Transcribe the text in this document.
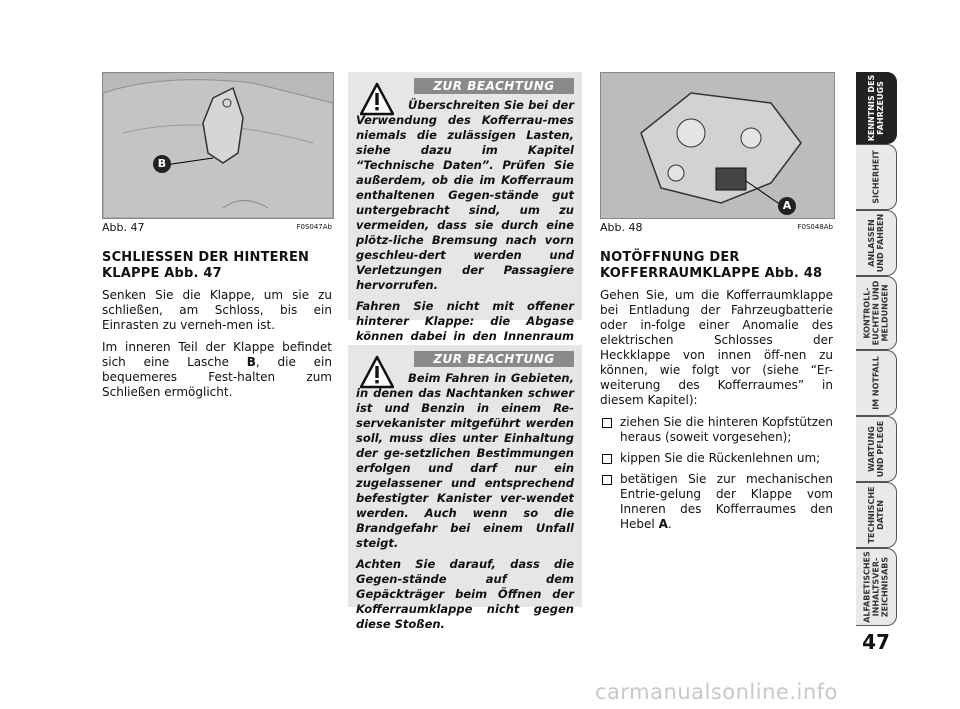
B
Abb. 47	F0S047Ab
SCHLIESSEN DER HINTEREN
KLAPPE Abb. 47

Senken Sie die Klappe, um sie zu schließen, am Schloss, bis ein Einrasten zu verneh-men ist.

Im inneren Teil der Klappe befindet sich eine Lasche B, die ein bequemeres Fest-halten zum Schließen ermöglicht.

ZUR BEACHTUNG

Überschreiten Sie bei der Verwendung des Kofferrau-mes niemals die zulässigen Lasten, siehe dazu im Kapitel “Technische Daten”. Prüfen Sie außerdem, ob die im Kofferraum enthaltenen Gegen-stände gut untergebracht sind, um zu vermeiden, dass sie durch eine plötz-liche Bremsung nach vorn geschleu-dert werden und Verletzungen der Passagiere hervorrufen.

Fahren Sie nicht mit offener hinterer Klappe: die Abgase können dabei in den Innenraum

ZUR BEACHTUNG

Beim Fahren in Gebieten, in denen das Nachtanken schwer ist und Benzin in einem Re-servekanister mitgeführt werden soll, muss dies unter Einhaltung der ge-setzlichen Bestimmungen erfolgen und darf nur ein zugelassener und entsprechend befestigter Kanister ver-wendet werden. Auch wenn so die Brandgefahr bei einem Unfall steigt.

Achten Sie darauf, dass die Gegen-stände auf dem Gepäckträger beim Öffnen der Kofferraumklappe nicht gegen diese Stoßen.

A
Abb. 48	F0S048Ab
NOTÖFFNUNG DER
KOFFERRAUMKLAPPE Abb. 48

Gehen Sie, um die Kofferraumklappe bei Entladung der Fahrzeugbatterie oder in-folge einer Anomalie des elektrischen Schlosses der Heckklappe von innen öff-nen zu können, wie folgt vor (siehe “Er-weiterung des Kofferraumes” in diesem Kapitel):

ziehen Sie die hinteren Kopfstützen heraus (soweit vorgesehen);
kippen Sie die Rückenlehnen um;
betätigen Sie zur mechanischen Entrie-gelung der Klappe vom Inneren des Kofferraumes den Hebel A.
KENNTNIS DES
FAHRZEUGS
SICHERHEIT
ANLASSEN
UND FAHREN
KONTROLL-
EUCHTEN UND
MELDUNGEN
IM NOTFALL
WARTUNG
UND PFLEGE
TECHNISCHE
DATEN
ALFABETISCHES
INHALTSVER-
ZEICHNISABS
47
carmanualsonline.info
